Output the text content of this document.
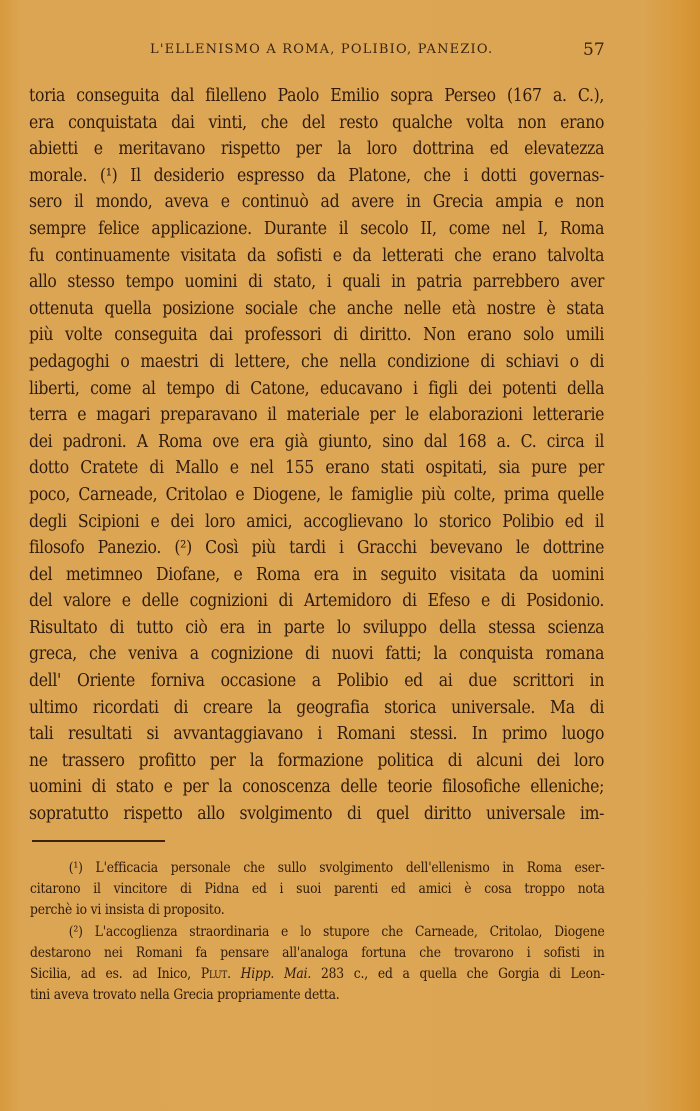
L'ELLENISMO A ROMA, POLIBIO, PANEZIO.	57
toria conseguita dal filelleno Paolo Emilio sopra Perseo (167 a. C.),
era conquistata dai vinti, che del resto qualche volta non erano
abietti e meritavano rispetto per la loro dottrina ed elevatezza
morale. (¹) Il desiderio espresso da Platone, che i dotti governas-
sero il mondo, aveva e continuò ad avere in Grecia ampia e non
sempre felice applicazione. Durante il secolo II, come nel I, Roma
fu continuamente visitata da sofisti e da letterati che erano talvolta
allo stesso tempo uomini di stato, i quali in patria parrebbero aver
ottenuta quella posizione sociale che anche nelle età nostre è stata
più volte conseguita dai professori di diritto. Non erano solo umili
pedagoghi o maestri di lettere, che nella condizione di schiavi o di
liberti, come al tempo di Catone, educavano i figli dei potenti della
terra e magari preparavano il materiale per le elaborazioni letterarie
dei padroni. A Roma ove era già giunto, sino dal 168 a. C. circa il
dotto Cratete di Mallo e nel 155 erano stati ospitati, sia pure per
poco, Carneade, Critolao e Diogene, le famiglie più colte, prima quelle
degli Scipioni e dei loro amici, accoglievano lo storico Polibio ed il
filosofo Panezio. (²) Così più tardi i Gracchi bevevano le dottrine
del metimneo Diofane, e Roma era in seguito visitata da uomini
del valore e delle cognizioni di Artemidoro di Efeso e di Posidonio.
Risultato di tutto ciò era in parte lo sviluppo della stessa scienza
greca, che veniva a cognizione di nuovi fatti; la conquista romana
dell' Oriente forniva occasione a Polibio ed ai due scrittori in
ultimo ricordati di creare la geografia storica universale. Ma di
tali resultati si avvantaggiavano i Romani stessi. In primo luogo
ne trassero profitto per la formazione politica di alcuni dei loro
uomini di stato e per la conoscenza delle teorie filosofiche elleniche;
sopratutto rispetto allo svolgimento di quel diritto universale im-
(¹) L'efficacia personale che sullo svolgimento dell'ellenismo in Roma eser-
citarono il vincitore di Pidna ed i suoi parenti ed amici è cosa troppo nota
perchè io vi insista di proposito.
(²) L'accoglienza straordinaria e lo stupore che Carneade, Critolao, Diogene
destarono nei Romani fa pensare all'analoga fortuna che trovarono i sofisti in
Sicilia, ad es. ad Inico, Plut. Hipp. Mai. 283 c., ed a quella che Gorgia di Leon-
tini aveva trovato nella Grecia propriamente detta.
